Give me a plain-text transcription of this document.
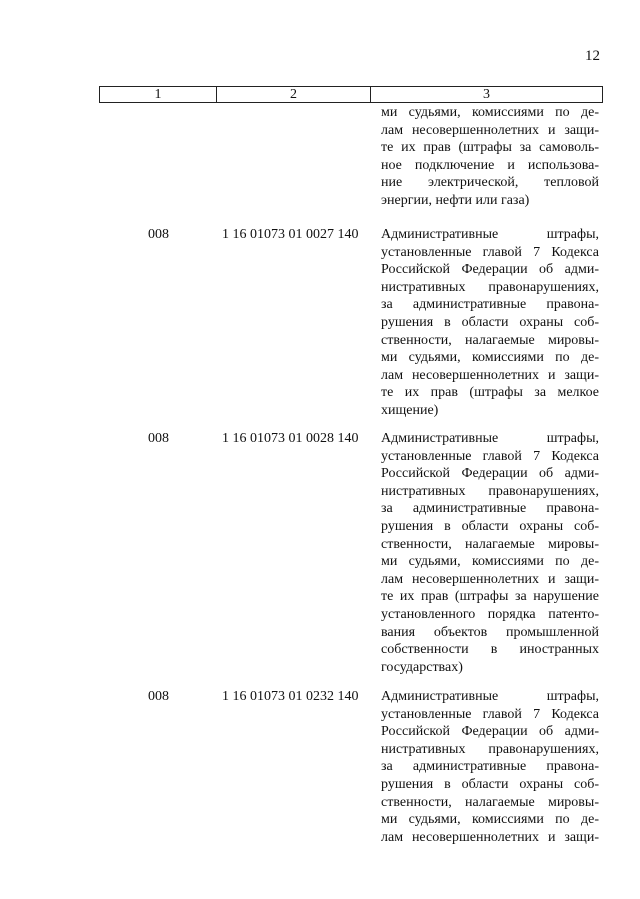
12
1	2	3
ми судьями, комиссиями по де-
лам несовершеннолетних и защи-
те их прав (штрафы за самоволь-
ное подключение и использова-
ние электрической, тепловой
энергии, нефти или газа)
008	1 16 01073 01 0027 140 Административные штрафы,
установленные главой 7 Кодекса
Российской Федерации об адми-
нистративных правонарушениях,
за административные правона-
рушения в области охраны соб-
ственности, налагаемые мировы-
ми судьями, комиссиями по де-
лам несовершеннолетних и защи-
те их прав (штрафы за мелкое
хищение)
008	1 16 01073 01 0028 140 Административные штрафы,
установленные главой 7 Кодекса
Российской Федерации об адми-
нистративных правонарушениях,
за административные правона-
рушения в области охраны соб-
ственности, налагаемые мировы-
ми судьями, комиссиями по де-
лам несовершеннолетних и защи-
те их прав (штрафы за нарушение
установленного порядка патенто-
вания объектов промышленной
собственности в иностранных
государствах)
008	1 16 01073 01 0232 140 Административные штрафы,
установленные главой 7 Кодекса
Российской Федерации об адми-
нистративных правонарушениях,
за административные правона-
рушения в области охраны соб-
ственности, налагаемые мировы-
ми судьями, комиссиями по де-
лам несовершеннолетних и защи-
